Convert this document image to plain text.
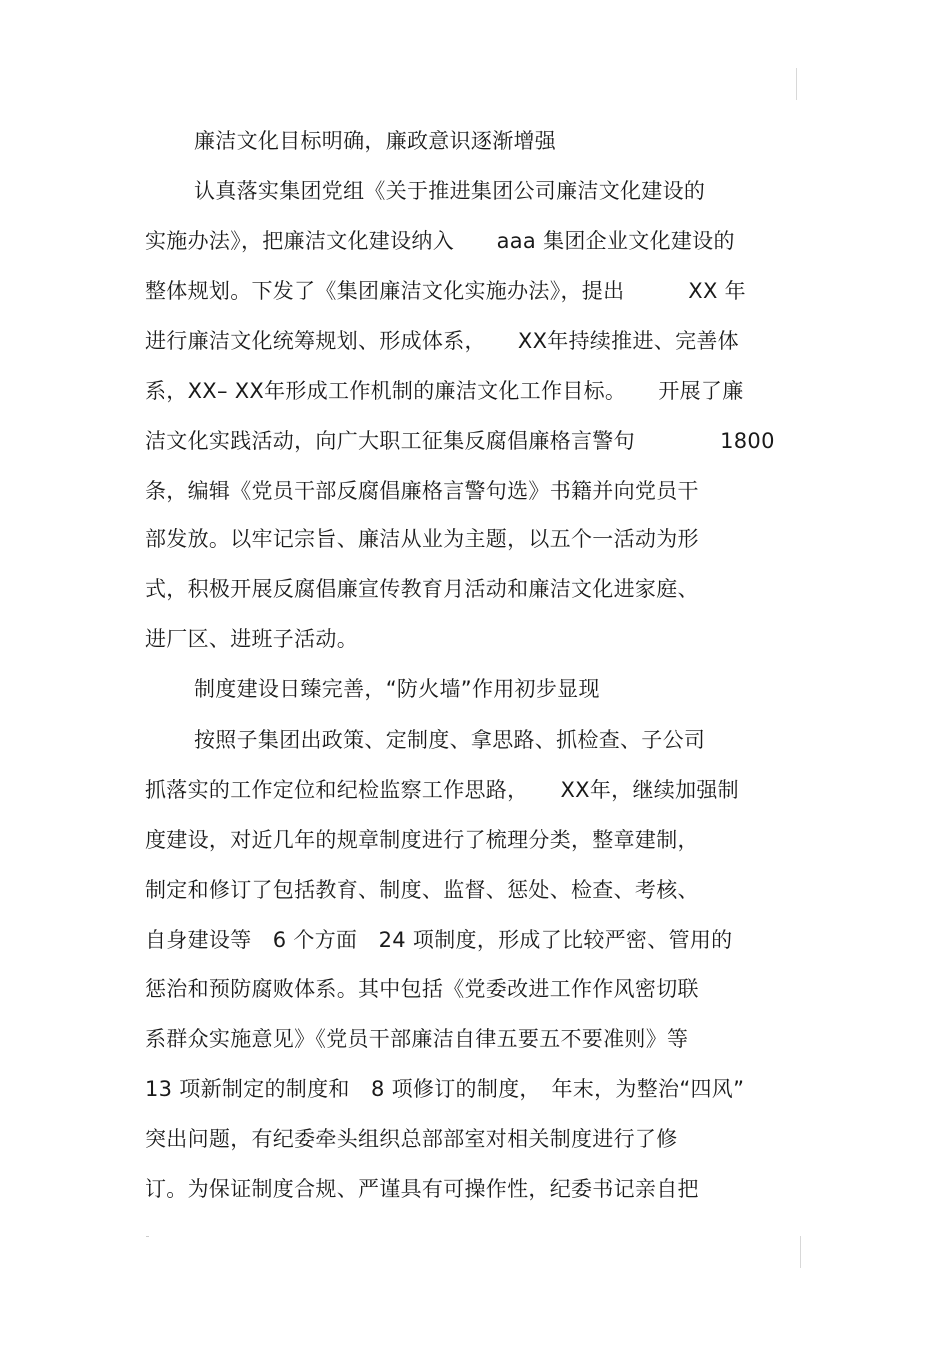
廉洁文化目标明确，廉政意识逐渐增强
认真落实集团党组《关于推进集团公司廉洁文化建设的
实施办法》，把廉洁文化建设纳入　　aaa 集团企业文化建设的
整体规划。下发了《集团廉洁文化实施办法》，提出　　　XX 年
进行廉洁文化统筹规划、形成体系，　　XX年持续推进、完善体
系，XX– XX年形成工作机制的廉洁文化工作目标。　　开展了廉
洁文化实践活动，向广大职工征集反腐倡廉格言警句　　　　1800
条，编辑《党员干部反腐倡廉格言警句选》书籍并向党员干
部发放。以牢记宗旨、廉洁从业为主题，以五个一活动为形
式，积极开展反腐倡廉宣传教育月活动和廉洁文化进家庭、
进厂区、进班子活动。
制度建设日臻完善，“防火墙”作用初步显现
按照子集团出政策、定制度、拿思路、抓检查、子公司
抓落实的工作定位和纪检监察工作思路，　　XX年，继续加强制
度建设，对近几年的规章制度进行了梳理分类，整章建制，
制定和修订了包括教育、制度、监督、惩处、检查、考核、
自身建设等　6 个方面　24 项制度，形成了比较严密、管用的
惩治和预防腐败体系。其中包括《党委改进工作作风密切联
系群众实施意见》《党员干部廉洁自律五要五不要准则》等
13 项新制定的制度和　8 项修订的制度，　年末，为整治“四风”
突出问题，有纪委牵头组织总部部室对相关制度进行了修
订。为保证制度合规、严谨具有可操作性，纪委书记亲自把
